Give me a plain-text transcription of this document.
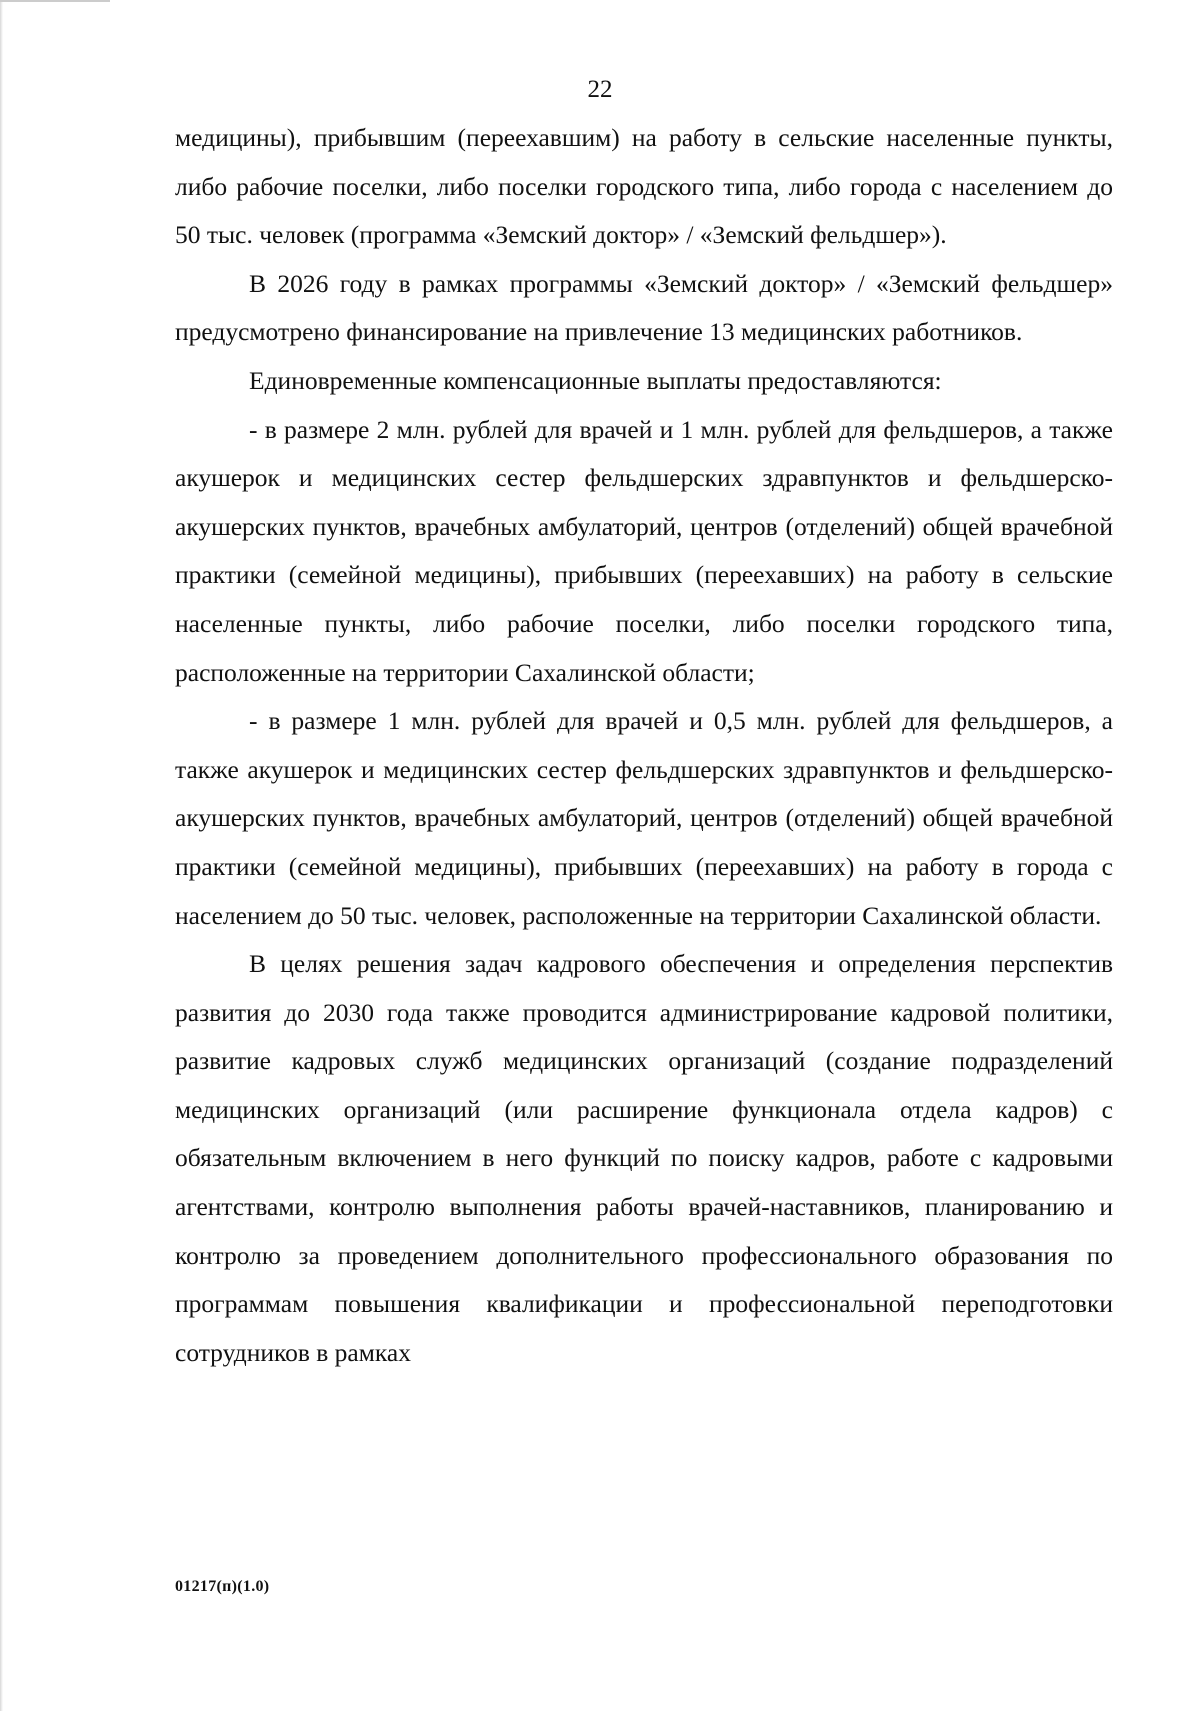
22

медицины), прибывшим (переехавшим) на работу в сельские населенные пункты, либо рабочие поселки, либо поселки городского типа, либо города с населением до 50 тыс. человек (программа «Земский доктор» / «Земский фельдшер»).

В 2026 году в рамках программы «Земский доктор» / «Земский фельдшер» предусмотрено финансирование на привлечение 13 медицинских работников.

Единовременные компенсационные выплаты предоставляются:

- в размере 2 млн. рублей для врачей и 1 млн. рублей для фельдшеров, а также акушерок и медицинских сестер фельдшерских здравпунктов и фельдшерско-акушерских пунктов, врачебных амбулаторий, центров (отделений) общей врачебной практики (семейной медицины), прибывших (переехавших) на работу в сельские населенные пункты, либо рабочие поселки, либо поселки городского типа, расположенные на территории Сахалинской области;

- в размере 1 млн. рублей для врачей и 0,5 млн. рублей для фельдшеров, а также акушерок и медицинских сестер фельдшерских здравпунктов и фельдшерско-акушерских пунктов, врачебных амбулаторий, центров (отделений) общей врачебной практики (семейной медицины), прибывших (переехавших) на работу в города с населением до 50 тыс. человек, расположенные на территории Сахалинской области.

В целях решения задач кадрового обеспечения и определения перспектив развития до 2030 года также проводится администрирование кадровой политики, развитие кадровых служб медицинских организаций (создание подразделений медицинских организаций (или расширение функционала отдела кадров) с обязательным включением в него функций по поиску кадров, работе с кадровыми агентствами, контролю выполнения работы врачей-наставников, планированию и контролю за проведением дополнительного профессионального образования по программам повышения квалификации и профессиональной переподготовки сотрудников в рамках

01217(п)(1.0)
